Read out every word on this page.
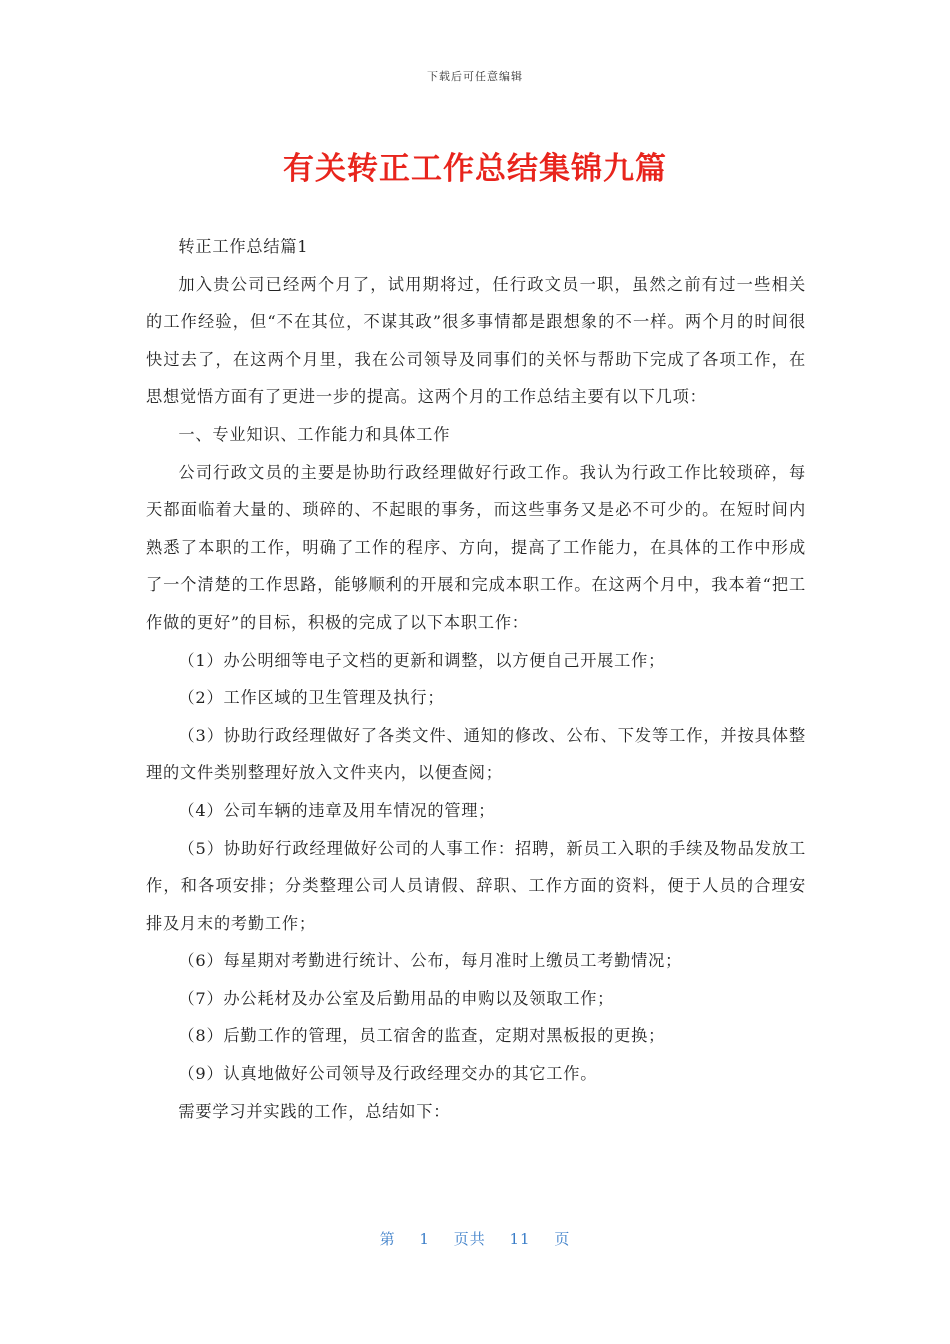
下载后可任意编辑
有关转正工作总结集锦九篇

转正工作总结篇1

加入贵公司已经两个月了，试用期将过，任行政文员一职，虽然之前有过一些相关的工作经验，但“不在其位，不谋其政”很多事情都是跟想象的不一样。两个月的时间很快过去了，在这两个月里，我在公司领导及同事们的关怀与帮助下完成了各项工作，在思想觉悟方面有了更进一步的提高。这两个月的工作总结主要有以下几项：

一、专业知识、工作能力和具体工作

公司行政文员的主要是协助行政经理做好行政工作。我认为行政工作比较琐碎，每天都面临着大量的、琐碎的、不起眼的事务，而这些事务又是必不可少的。在短时间内熟悉了本职的工作，明确了工作的程序、方向，提高了工作能力，在具体的工作中形成了一个清楚的工作思路，能够顺利的开展和完成本职工作。在这两个月中，我本着“把工作做的更好”的目标，积极的完成了以下本职工作：

（1）办公明细等电子文档的更新和调整，以方便自己开展工作；

（2）工作区域的卫生管理及执行；

（3）协助行政经理做好了各类文件、通知的修改、公布、下发等工作，并按具体整理的文件类别整理好放入文件夹内，以便查阅；

（4）公司车辆的违章及用车情况的管理；

（5）协助好行政经理做好公司的人事工作：招聘，新员工入职的手续及物品发放工作，和各项安排；分类整理公司人员请假、辞职、工作方面的资料，便于人员的合理安排及月末的考勤工作；

（6）每星期对考勤进行统计、公布，每月准时上缴员工考勤情况；

（7）办公耗材及办公室及后勤用品的申购以及领取工作；

（8）后勤工作的管理，员工宿舍的监查，定期对黑板报的更换；

（9）认真地做好公司领导及行政经理交办的其它工作。

需要学习并实践的工作，总结如下：

第 1 页共 11 页
